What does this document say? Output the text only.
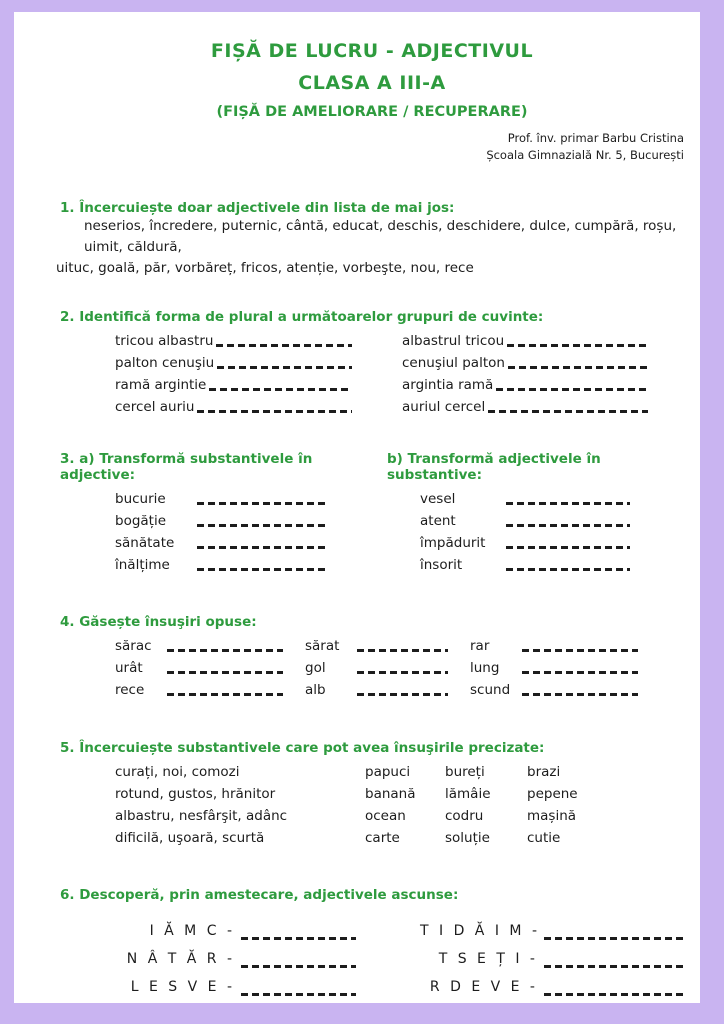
FIȘĂ DE LUCRU - ADJECTIVUL
CLASA A III-A
(FIȘĂ DE AMELIORARE / RECUPERARE)
Prof. înv. primar Barbu Cristina
Școala Gimnazială Nr. 5, București
1. Încercuiește doar adjectivele din lista de mai jos:
neserios, încredere, puternic, cântă, educat, deschis, deschidere, dulce, cumpără, roșu, uimit, căldură,
uituc, goală, păr, vorbăreț, fricos, atenție, vorbeşte, nou, rece
2. Identifică forma de plural a următoarelor grupuri de cuvinte:
tricou albastru	albastrul tricou
palton cenuşiu	cenuşiul palton
ramă argintie	argintia ramă
cercel auriu	auriul cercel
3. a) Transformă substantivele în adjective:
b) Transformă adjectivele în substantive:
bucurie	vesel
bogăție	atent
sănătate	împădurit
înălțime	însorit
4. Găsește însuşiri opuse:
sărac	sărat	rar
urât	gol	lung
rece	alb	scund
5. Încercuiește substantivele care pot avea însuşirile precizate:
curați, noi, comozi	papuci	bureți	brazi
rotund, gustos, hrănitor	banană	lămâie	pepene
albastru, nesfârşit, adânc	ocean	codru	mașină
dificilă, uşoară, scurtă	carte	soluție	cutie
6. Descoperă, prin amestecare, adjectivele ascunse:
I Ă M C -	T I D Ă I M -
N Â T Ă R -	T S E Ț I -
L E S V E -	R D E V E -
